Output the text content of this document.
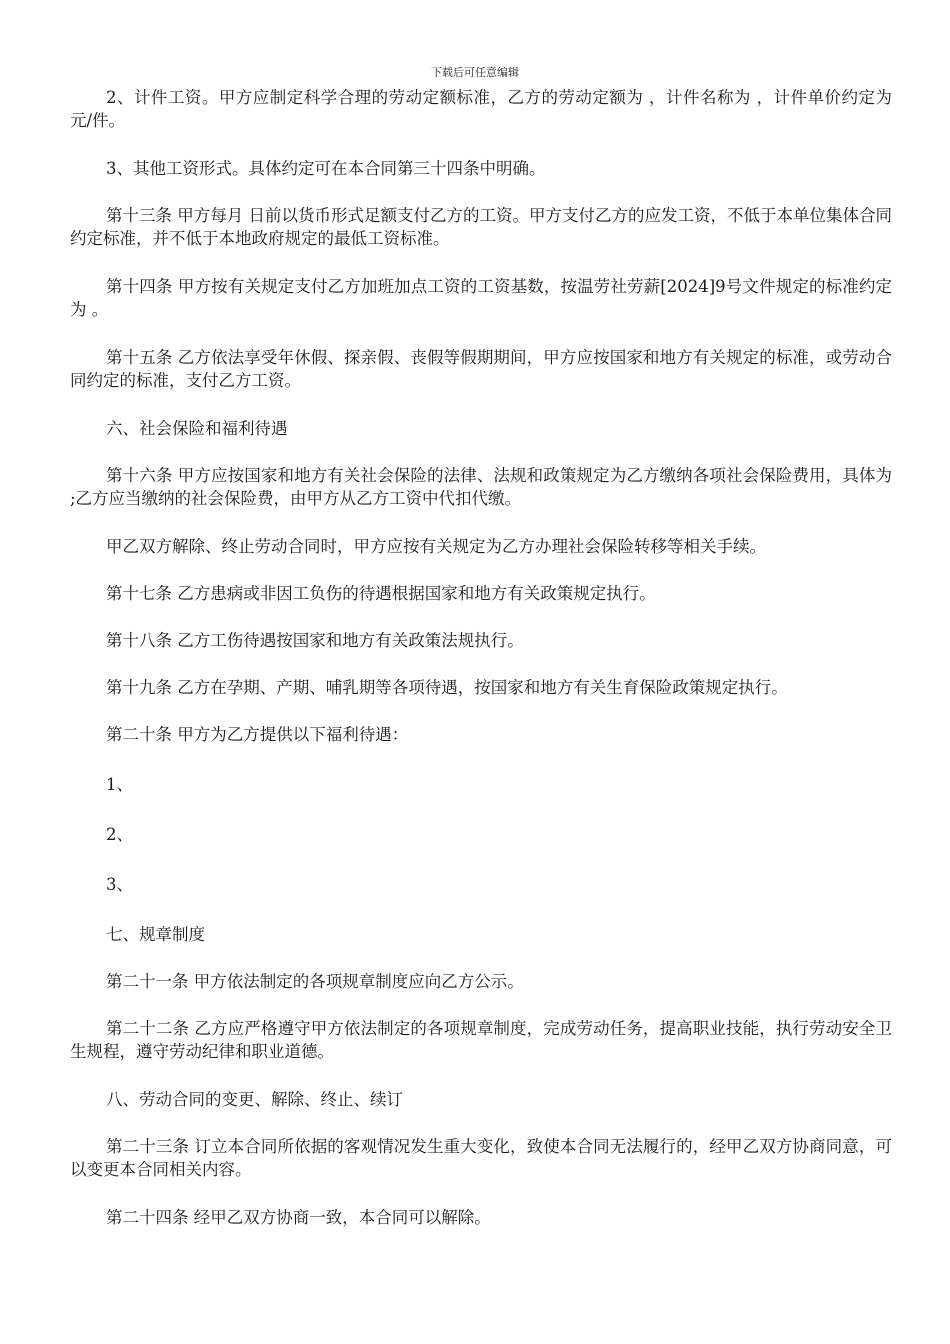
下载后可任意编辑

2、计件工资。甲方应制定科学合理的劳动定额标准，乙方的劳动定额为 ，计件名称为 ，计件单价约定为 元/件。

3、其他工资形式。具体约定可在本合同第三十四条中明确。

第十三条 甲方每月 日前以货币形式足额支付乙方的工资。甲方支付乙方的应发工资，不低于本单位集体合同约定标准，并不低于本地政府规定的最低工资标准。

第十四条 甲方按有关规定支付乙方加班加点工资的工资基数，按温劳社劳薪[2024]9号文件规定的标准约定为 。

第十五条 乙方依法享受年休假、探亲假、丧假等假期期间，甲方应按国家和地方有关规定的标准，或劳动合同约定的标准，支付乙方工资。

六、社会保险和福利待遇

第十六条 甲方应按国家和地方有关社会保险的法律、法规和政策规定为乙方缴纳各项社会保险费用，具体为 ;乙方应当缴纳的社会保险费，由甲方从乙方工资中代扣代缴。

甲乙双方解除、终止劳动合同时，甲方应按有关规定为乙方办理社会保险转移等相关手续。

第十七条 乙方患病或非因工负伤的待遇根据国家和地方有关政策规定执行。

第十八条 乙方工伤待遇按国家和地方有关政策法规执行。

第十九条 乙方在孕期、产期、哺乳期等各项待遇，按国家和地方有关生育保险政策规定执行。

第二十条 甲方为乙方提供以下福利待遇：

1、

2、

3、

七、规章制度

第二十一条 甲方依法制定的各项规章制度应向乙方公示。

第二十二条 乙方应严格遵守甲方依法制定的各项规章制度，完成劳动任务，提高职业技能，执行劳动安全卫生规程，遵守劳动纪律和职业道德。

八、劳动合同的变更、解除、终止、续订

第二十三条 订立本合同所依据的客观情况发生重大变化，致使本合同无法履行的，经甲乙双方协商同意，可以变更本合同相关内容。

第二十四条 经甲乙双方协商一致，本合同可以解除。
